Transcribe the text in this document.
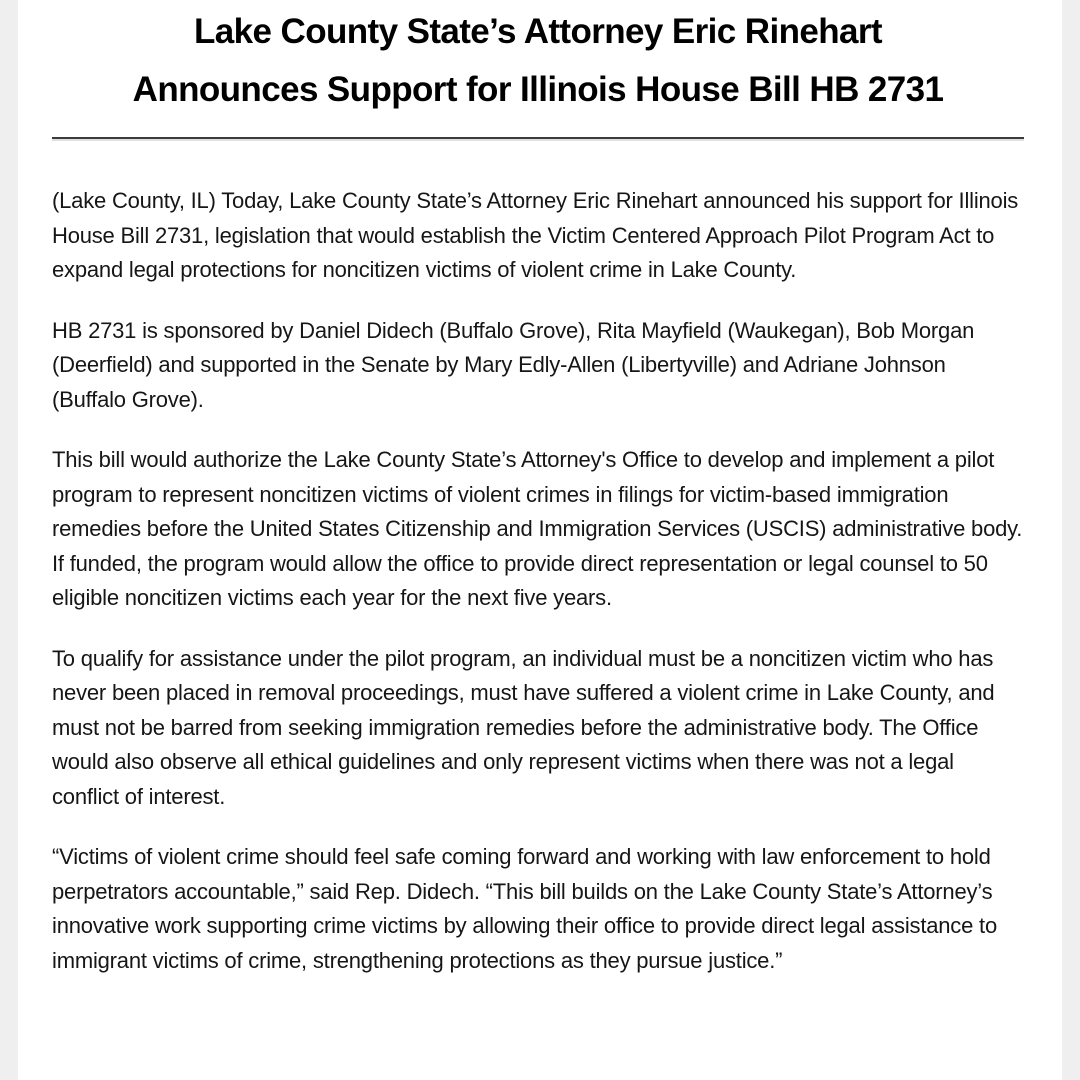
Lake County State’s Attorney Eric Rinehart
Announces Support for Illinois House Bill HB 2731

(Lake County, IL) Today, Lake County State’s Attorney Eric Rinehart announced his support for Illinois House Bill 2731, legislation that would establish the Victim Centered Approach Pilot Program Act to expand legal protections for noncitizen victims of violent crime in Lake County.

HB 2731 is sponsored by Daniel Didech (Buffalo Grove), Rita Mayfield (Waukegan), Bob Morgan (Deerfield) and supported in the Senate by Mary Edly-Allen (Libertyville) and Adriane Johnson (Buffalo Grove).

This bill would authorize the Lake County State’s Attorney's Office to develop and implement a pilot program to represent noncitizen victims of violent crimes in filings for victim-based immigration remedies before the United States Citizenship and Immigration Services (USCIS) administrative body. If funded, the program would allow the office to provide direct representation or legal counsel to 50 eligible noncitizen victims each year for the next five years.

To qualify for assistance under the pilot program, an individual must be a noncitizen victim who has never been placed in removal proceedings, must have suffered a violent crime in Lake County, and must not be barred from seeking immigration remedies before the administrative body. The Office would also observe all ethical guidelines and only represent victims when there was not a legal conflict of interest.

“Victims of violent crime should feel safe coming forward and working with law enforcement to hold perpetrators accountable,” said Rep. Didech. “This bill builds on the Lake County State’s Attorney’s innovative work supporting crime victims by allowing their office to provide direct legal assistance to immigrant victims of crime, strengthening protections as they pursue justice.”
